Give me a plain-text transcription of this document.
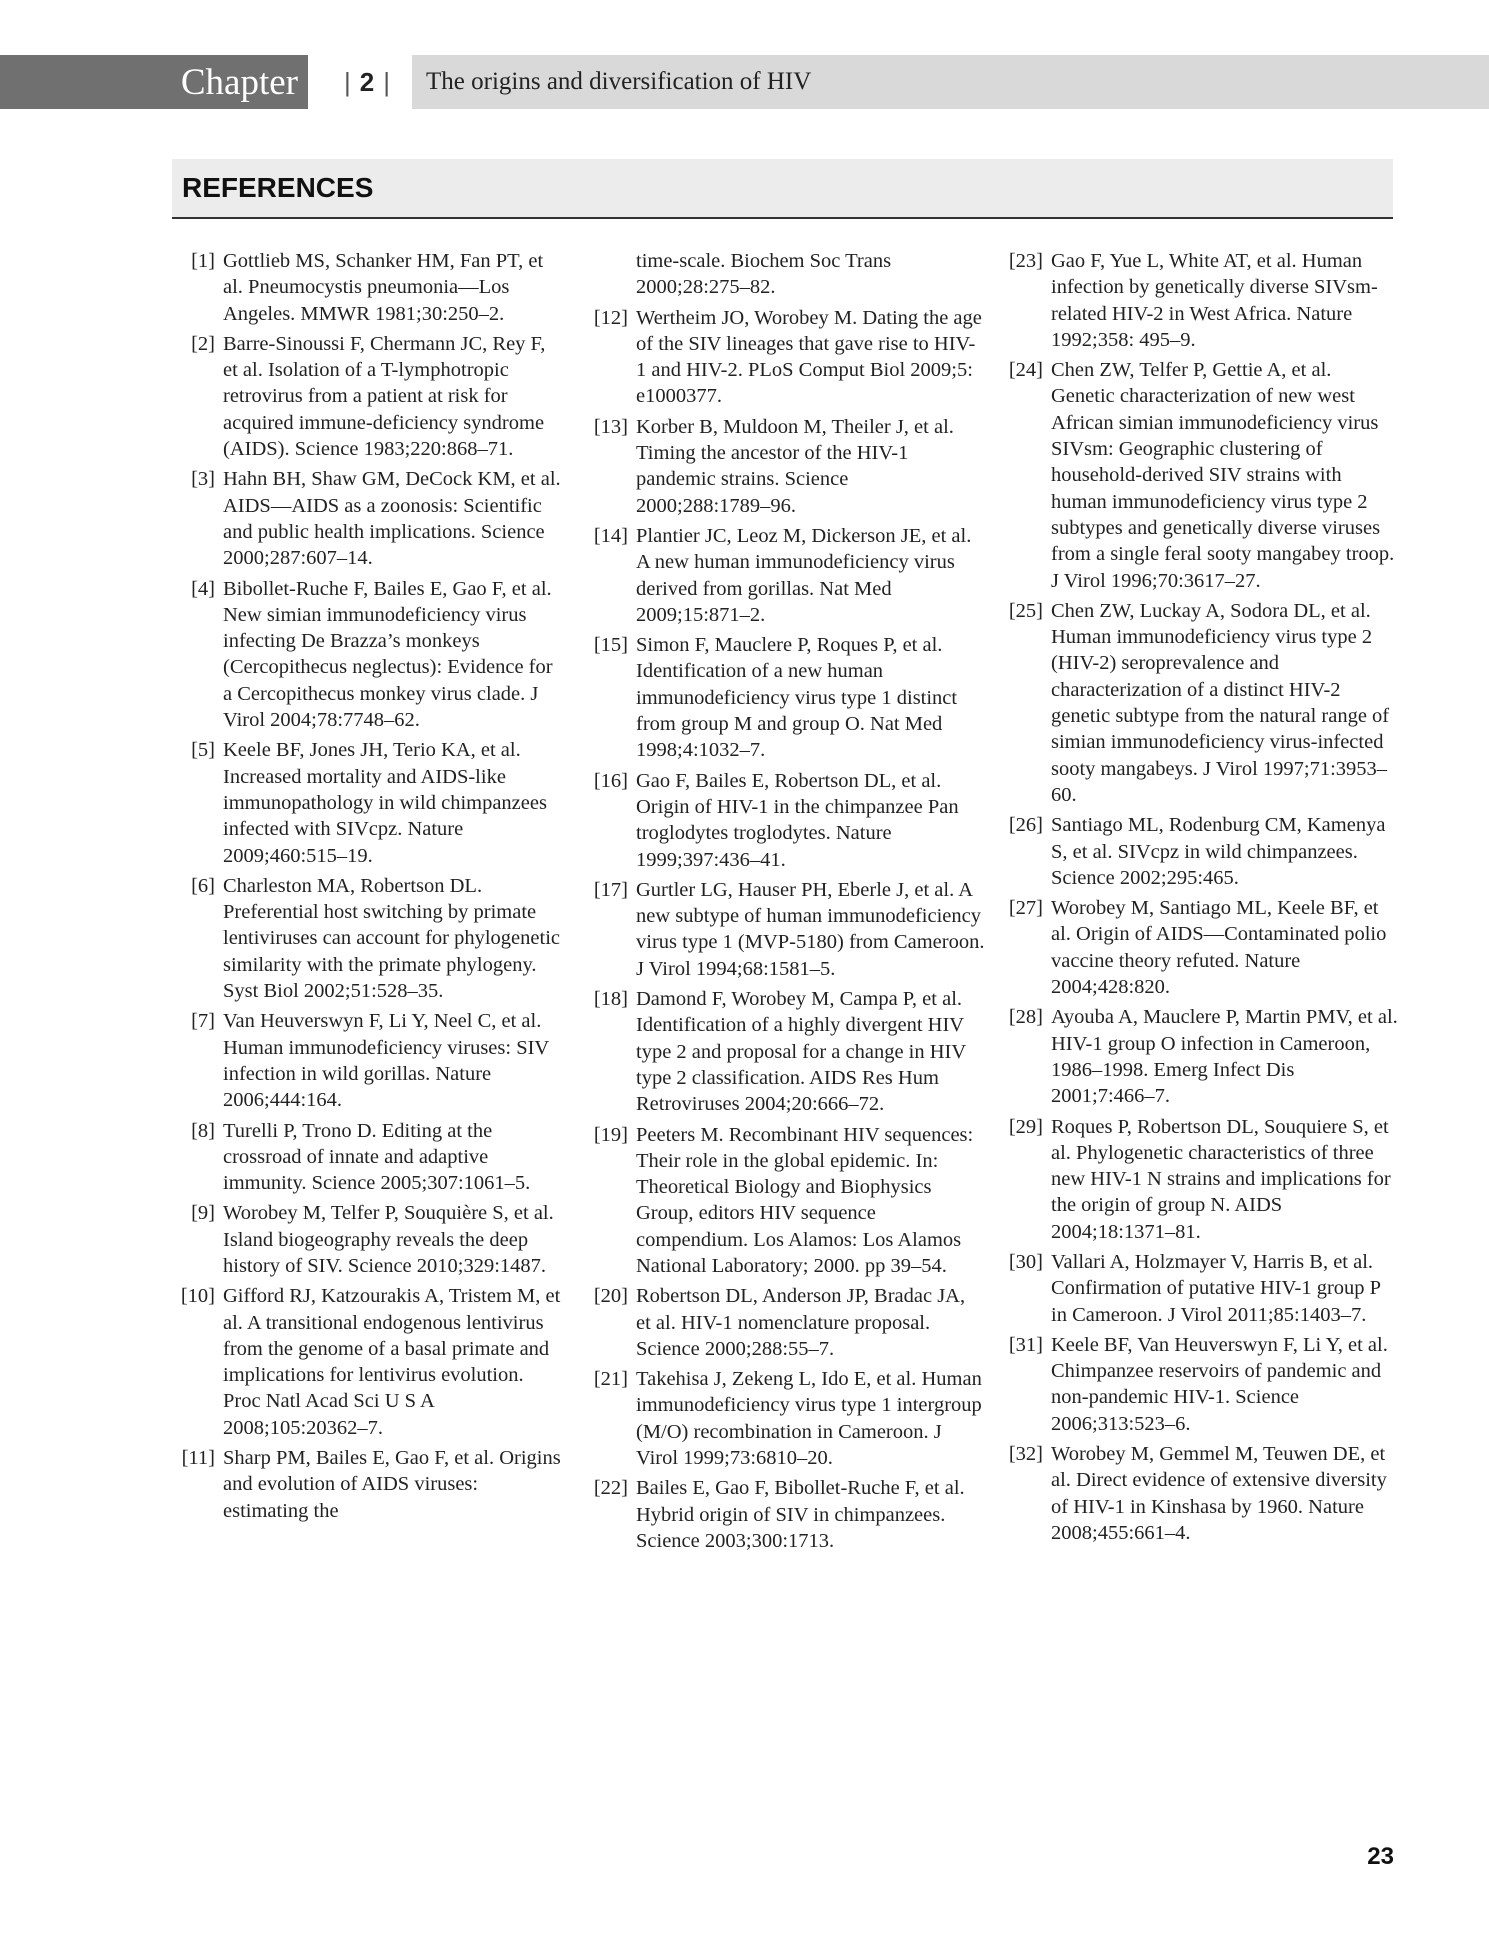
Chapter	| 2 |	The origins and diversification of HIV
REFERENCES
[1] Gottlieb MS, Schanker HM, Fan PT, et al. Pneumocystis pneumonia—Los Angeles. MMWR 1981;30:250–2.
[2] Barre-Sinoussi F, Chermann JC, Rey F, et al. Isolation of a T-lymphotropic retrovirus from a patient at risk for acquired immune-deficiency syndrome (AIDS). Science 1983;220:868–71.
[3] Hahn BH, Shaw GM, DeCock KM, et al. AIDS—AIDS as a zoonosis: Scientific and public health implications. Science 2000;287:607–14.
[4] Bibollet-Ruche F, Bailes E, Gao F, et al. New simian immunodeficiency virus infecting De Brazza’s monkeys (Cercopithecus neglectus): Evidence for a Cercopithecus monkey virus clade. J Virol 2004;78:7748–62.
[5] Keele BF, Jones JH, Terio KA, et al. Increased mortality and AIDS-like immunopathology in wild chimpanzees infected with SIVcpz. Nature 2009;460:515–19.
[6] Charleston MA, Robertson DL. Preferential host switching by primate lentiviruses can account for phylogenetic similarity with the primate phylogeny. Syst Biol 2002;51:528–35.
[7] Van Heuverswyn F, Li Y, Neel C, et al. Human immunodeficiency viruses: SIV infection in wild gorillas. Nature 2006;444:164.
[8] Turelli P, Trono D. Editing at the crossroad of innate and adaptive immunity. Science 2005;307:1061–5.
[9] Worobey M, Telfer P, Souquière S, et al. Island biogeography reveals the deep history of SIV. Science 2010;329:1487.
[10] Gifford RJ, Katzourakis A, Tristem M, et al. A transitional endogenous lentivirus from the genome of a basal primate and implications for lentivirus evolution. Proc Natl Acad Sci U S A 2008;105:20362–7.
[11] Sharp PM, Bailes E, Gao F, et al. Origins and evolution of AIDS viruses: estimating the
time-scale. Biochem Soc Trans 2000;28:275–82.
[12] Wertheim JO, Worobey M. Dating the age of the SIV lineages that gave rise to HIV-1 and HIV-2. PLoS Comput Biol 2009;5: e1000377.
[13] Korber B, Muldoon M, Theiler J, et al. Timing the ancestor of the HIV-1 pandemic strains. Science 2000;288:1789–96.
[14] Plantier JC, Leoz M, Dickerson JE, et al. A new human immunodeficiency virus derived from gorillas. Nat Med 2009;15:871–2.
[15] Simon F, Mauclere P, Roques P, et al. Identification of a new human immunodeficiency virus type 1 distinct from group M and group O. Nat Med 1998;4:1032–7.
[16] Gao F, Bailes E, Robertson DL, et al. Origin of HIV-1 in the chimpanzee Pan troglodytes troglodytes. Nature 1999;397:436–41.
[17] Gurtler LG, Hauser PH, Eberle J, et al. A new subtype of human immunodeficiency virus type 1 (MVP-5180) from Cameroon. J Virol 1994;68:1581–5.
[18] Damond F, Worobey M, Campa P, et al. Identification of a highly divergent HIV type 2 and proposal for a change in HIV type 2 classification. AIDS Res Hum Retroviruses 2004;20:666–72.
[19] Peeters M. Recombinant HIV sequences: Their role in the global epidemic. In: Theoretical Biology and Biophysics Group, editors HIV sequence compendium. Los Alamos: Los Alamos National Laboratory; 2000. pp 39–54.
[20] Robertson DL, Anderson JP, Bradac JA, et al. HIV-1 nomenclature proposal. Science 2000;288:55–7.
[21] Takehisa J, Zekeng L, Ido E, et al. Human immunodeficiency virus type 1 intergroup (M/O) recombination in Cameroon. J Virol 1999;73:6810–20.
[22] Bailes E, Gao F, Bibollet-Ruche F, et al. Hybrid origin of SIV in chimpanzees. Science 2003;300:1713.
[23] Gao F, Yue L, White AT, et al. Human infection by genetically diverse SIVsm-related HIV-2 in West Africa. Nature 1992;358: 495–9.
[24] Chen ZW, Telfer P, Gettie A, et al. Genetic characterization of new west African simian immunodeficiency virus SIVsm: Geographic clustering of household-derived SIV strains with human immunodeficiency virus type 2 subtypes and genetically diverse viruses from a single feral sooty mangabey troop. J Virol 1996;70:3617–27.
[25] Chen ZW, Luckay A, Sodora DL, et al. Human immunodeficiency virus type 2 (HIV-2) seroprevalence and characterization of a distinct HIV-2 genetic subtype from the natural range of simian immunodeficiency virus-infected sooty mangabeys. J Virol 1997;71:3953–60.
[26] Santiago ML, Rodenburg CM, Kamenya S, et al. SIVcpz in wild chimpanzees. Science 2002;295:465.
[27] Worobey M, Santiago ML, Keele BF, et al. Origin of AIDS—Contaminated polio vaccine theory refuted. Nature 2004;428:820.
[28] Ayouba A, Mauclere P, Martin PMV, et al. HIV-1 group O infection in Cameroon, 1986–1998. Emerg Infect Dis 2001;7:466–7.
[29] Roques P, Robertson DL, Souquiere S, et al. Phylogenetic characteristics of three new HIV-1 N strains and implications for the origin of group N. AIDS 2004;18:1371–81.
[30] Vallari A, Holzmayer V, Harris B, et al. Confirmation of putative HIV-1 group P in Cameroon. J Virol 2011;85:1403–7.
[31] Keele BF, Van Heuverswyn F, Li Y, et al. Chimpanzee reservoirs of pandemic and non-pandemic HIV-1. Science 2006;313:523–6.
[32] Worobey M, Gemmel M, Teuwen DE, et al. Direct evidence of extensive diversity of HIV-1 in Kinshasa by 1960. Nature 2008;455:661–4.
23
